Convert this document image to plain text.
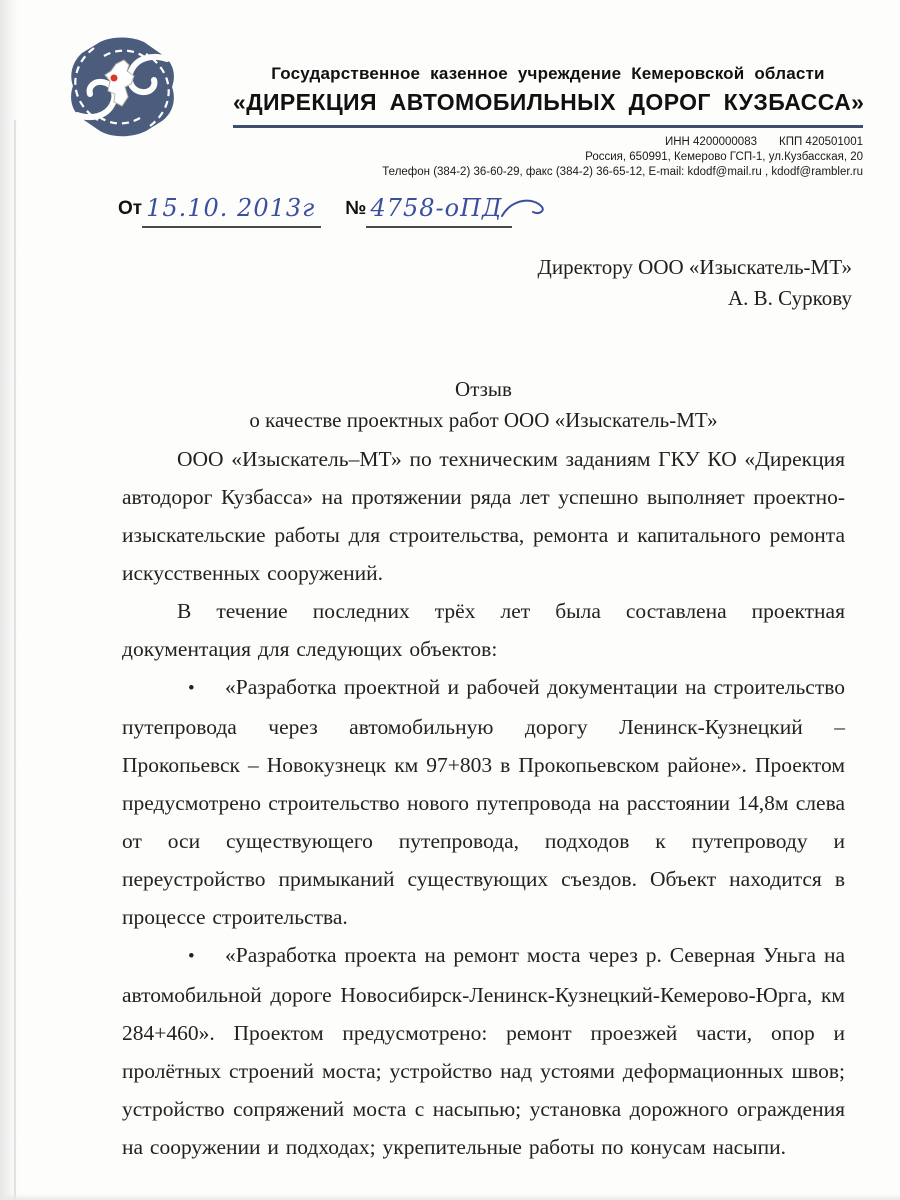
Государственное казенное учреждение Кемеровской области
«ДИРЕКЦИЯ АВТОМОБИЛЬНЫХ ДОРОГ КУЗБАССА»
ИНН 4200000083 КПП 420501001
Россия, 650991, Кемерово ГСП-1, ул.Кузбасская, 20
Телефон (384-2) 36-60-29, факс (384-2) 36-65-12, E-mail: kdodf@mail.ru , kdodf@rambler.ru
От 15.10. 2013г	№ 4758-оПД
Директору ООО «Изыскатель-МТ»
А. В. Суркову
Отзыв
о качестве проектных работ ООО «Изыскатель-МТ»

ООО «Изыскатель–МТ» по техническим заданиям ГКУ КО «Дирекция автодорог Кузбасса» на протяжении ряда лет успешно выполняет проектно-изыскательские работы для строительства, ремонта и капитального ремонта искусственных сооружений.

В течение последних трёх лет была составлена проектная документация для следующих объектов:

• «Разработка проектной и рабочей документации на строительство путепровода через автомобильную дорогу Ленинск-Кузнецкий – Прокопьевск – Новокузнецк км 97+803 в Прокопьевском районе». Проектом предусмотрено строительство нового путепровода на расстоянии 14,8м слева от оси существующего путепровода, подходов к путепроводу и переустройство примыканий существующих съездов. Объект находится в процессе строительства.

• «Разработка проекта на ремонт моста через р. Северная Уньга на автомобильной дороге Новосибирск-Ленинск-Кузнецкий-Кемерово-Юрга, км 284+460». Проектом предусмотрено: ремонт проезжей части, опор и пролётных строений моста; устройство над устоями деформационных швов; устройство сопряжений моста с насыпью; установка дорожного ограждения на сооружении и подходах; укрепительные работы по конусам насыпи.
